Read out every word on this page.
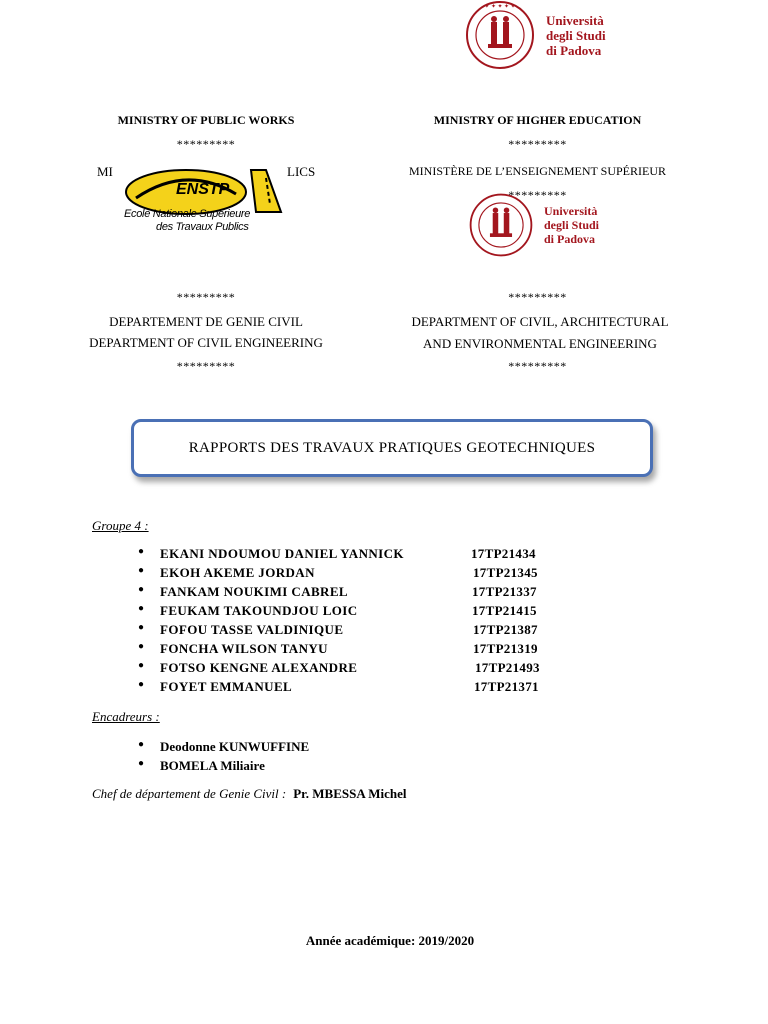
✦ ✦ ✦ ✦ ✦
Università
degli Studi
di Padova
MINISTRY OF PUBLIC WORKS
*********
MI	LICS
ENSTP
Ecole Nationale Supérieure
des Travaux Publics
*********
DEPARTEMENT DE GENIE CIVIL
DEPARTMENT OF CIVIL ENGINEERING
*********
MINISTRY OF HIGHER EDUCATION
*********
MINISTÈRE DE L’ENSEIGNEMENT SUPÉRIEUR
*********
Università
degli Studi
di Padova
*********
DEPARTMENT OF CIVIL, ARCHITECTURAL
AND ENVIRONMENTAL ENGINEERING
*********
RAPPORTS DES TRAVAUX PRATIQUES GEOTECHNIQUES
Groupe 4 :
● EKANI NDOUMOU DANIEL YANNICK	17TP21434
● EKOH AKEME JORDAN	17TP21345
● FANKAM NOUKIMI CABREL	17TP21337
● FEUKAM TAKOUNDJOU LOIC	17TP21415
● FOFOU TASSE VALDINIQUE	17TP21387
● FONCHA WILSON TANYU	17TP21319
● FOTSO KENGNE ALEXANDRE	17TP21493
● FOYET EMMANUEL	17TP21371
Encadreurs :
● Deodonne KUNWUFFINE
● BOMELA Miliaire
Chef de département de Genie Civil : Pr. MBESSA Michel
Année académique: 2019/2020
